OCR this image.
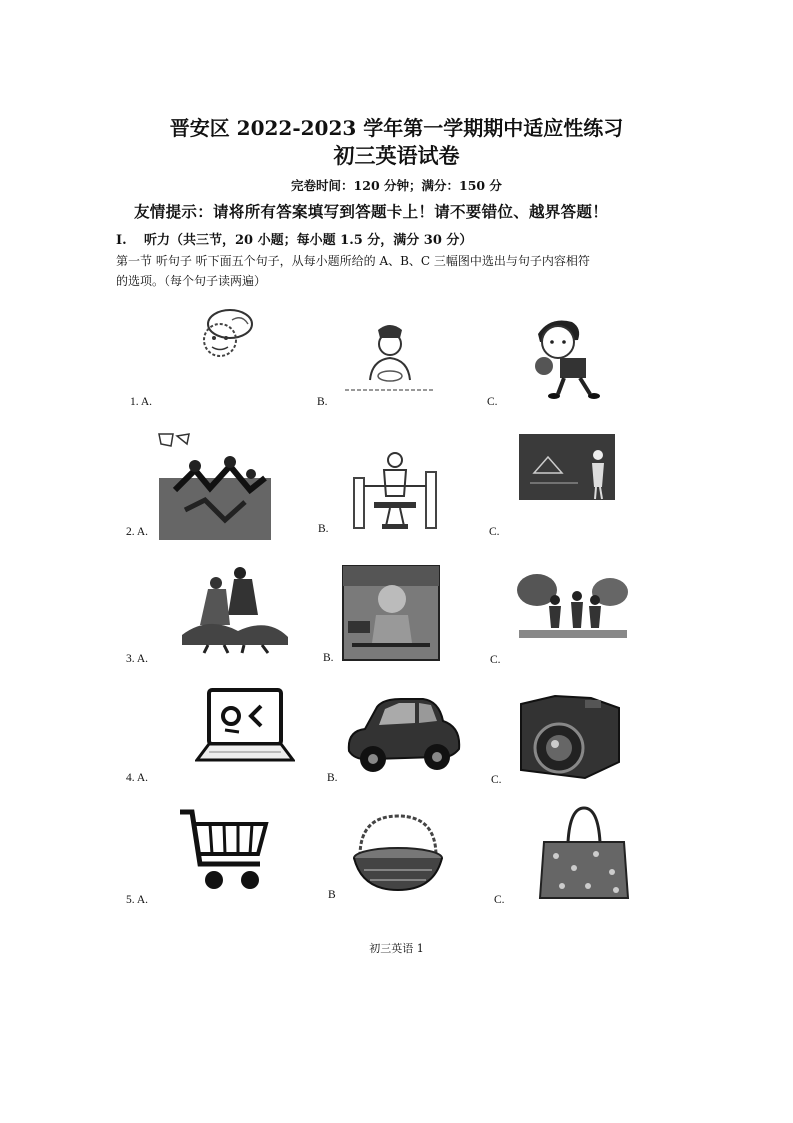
晋安区 2022-2023 学年第一学期期中适应性练习
初三英语试卷
完卷时间：120 分钟；满分：150 分
友情提示：请将所有答案填写到答题卡上！请不要错位、越界答题！
I. 听力（共三节，20 小题；每小题 1.5 分，满分 30 分）
第一节 听句子 听下面五个句子，从每小题所给的 A、B、C 三幅图中选出与句子内容相符
的选项。（每个句子读两遍）
1. A.	B.	C.
2. A.	B.	C.
3. A.	B.	C.
4. A.	B.	C.
5. A.	B	C.
初三英语 1
